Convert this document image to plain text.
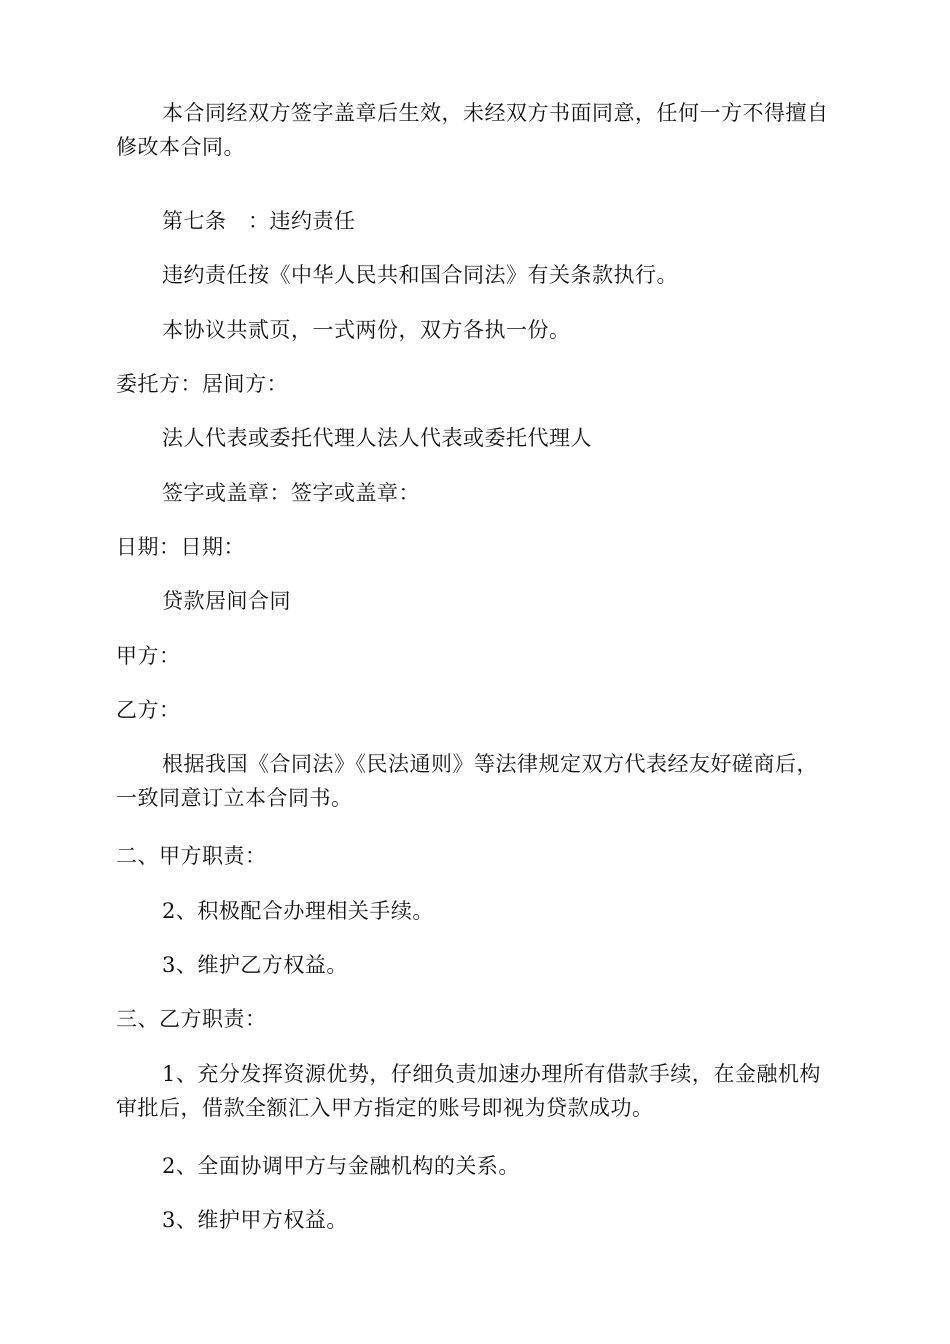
本合同经双方签字盖章后生效，未经双方书面同意，任何一方不得擅自修改本合同。

第七条　：违约责任

违约责任按《中华人民共和国合同法》有关条款执行。

本协议共贰页，一式两份，双方各执一份。

委托方：居间方：

法人代表或委托代理人法人代表或委托代理人

签字或盖章：签字或盖章：

日期：日期：

贷款居间合同

甲方：

乙方：

根据我国《合同法》《民法通则》等法律规定双方代表经友好磋商后，一致同意订立本合同书。

二、甲方职责：

2、积极配合办理相关手续。

3、维护乙方权益。

三、乙方职责：

1、充分发挥资源优势，仔细负责加速办理所有借款手续，在金融机构审批后，借款全额汇入甲方指定的账号即视为贷款成功。

2、全面协调甲方与金融机构的关系。

3、维护甲方权益。
